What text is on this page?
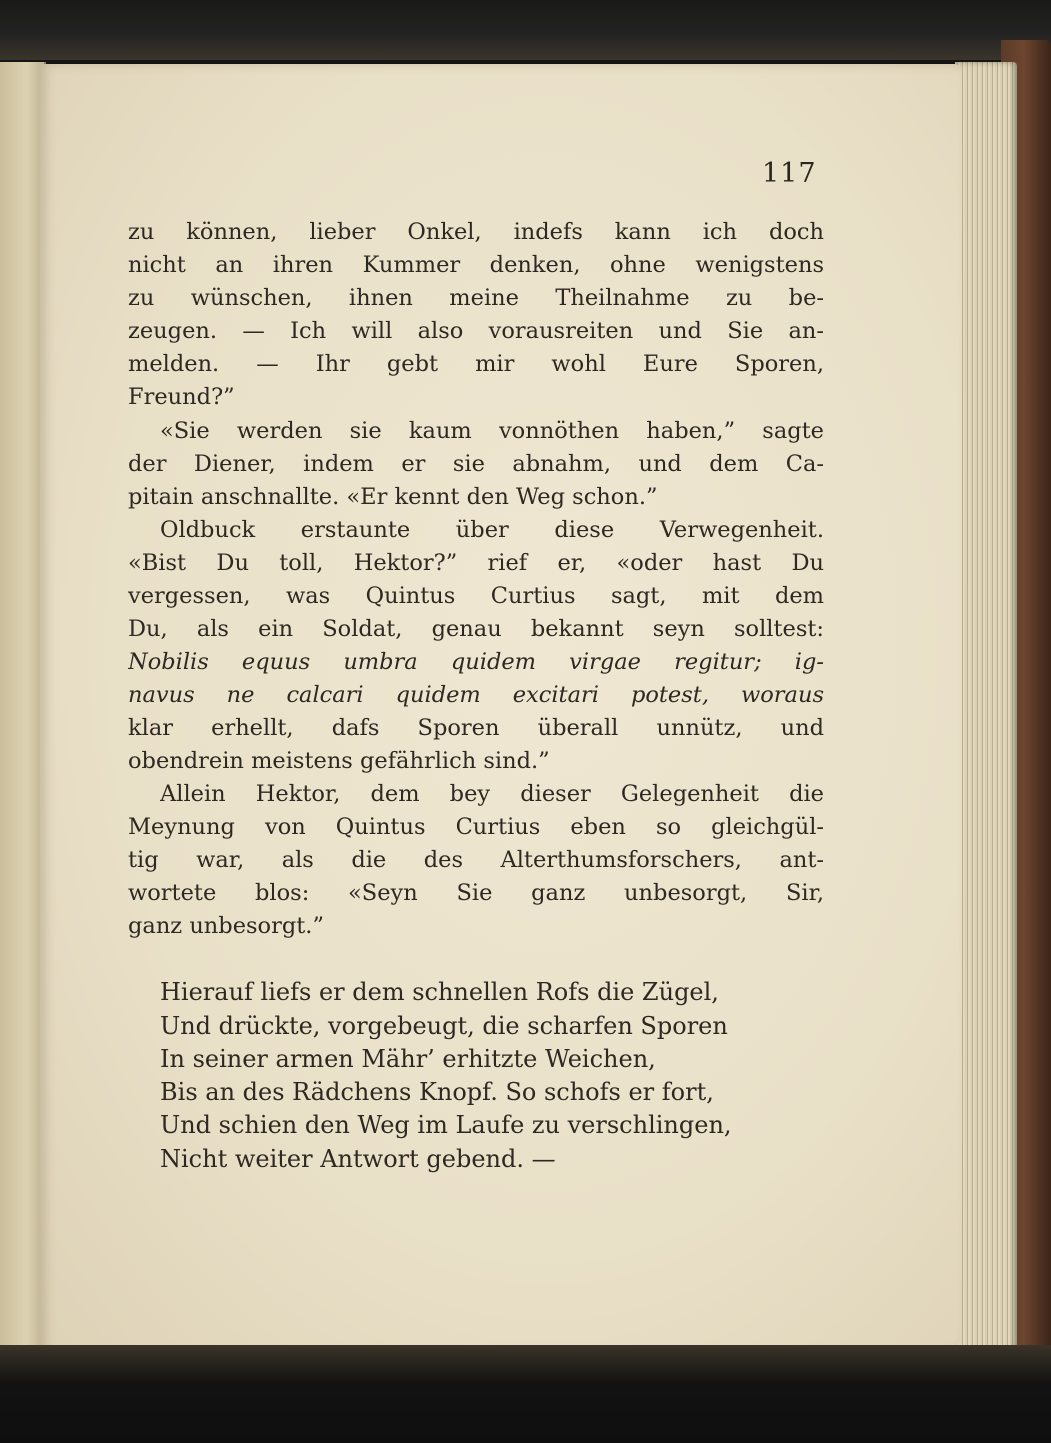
117
zu können, lieber Onkel, indefs kann ich doch
nicht an ihren Kummer denken, ohne wenigstens
zu wünschen, ihnen meine Theilnahme zu be-
zeugen. — Ich will also vorausreiten und Sie an-
melden. — Ihr gebt mir wohl Eure Sporen,
Freund?”
«Sie werden sie kaum vonnöthen haben,” sagte
der Diener, indem er sie abnahm, und dem Ca-
pitain anschnallte. «Er kennt den Weg schon.”
Oldbuck erstaunte über diese Verwegenheit.
«Bist Du toll, Hektor?” rief er, «oder hast Du
vergessen, was Quintus Curtius sagt, mit dem
Du, als ein Soldat, genau bekannt seyn solltest:
Nobilis equus umbra quidem virgae regitur; ig-
navus ne calcari quidem excitari potest, woraus
klar erhellt, dafs Sporen überall unnütz, und
obendrein meistens gefährlich sind.”
Allein Hektor, dem bey dieser Gelegenheit die
Meynung von Quintus Curtius eben so gleichgül-
tig war, als die des Alterthumsforschers, ant-
wortete blos: «Seyn Sie ganz unbesorgt, Sir,
ganz unbesorgt.”
Hierauf liefs er dem schnellen Rofs die Zügel,
Und drückte, vorgebeugt, die scharfen Sporen
In seiner armen Mähr’ erhitzte Weichen,
Bis an des Rädchens Knopf. So schofs er fort,
Und schien den Weg im Laufe zu verschlingen,
Nicht weiter Antwort gebend. —
